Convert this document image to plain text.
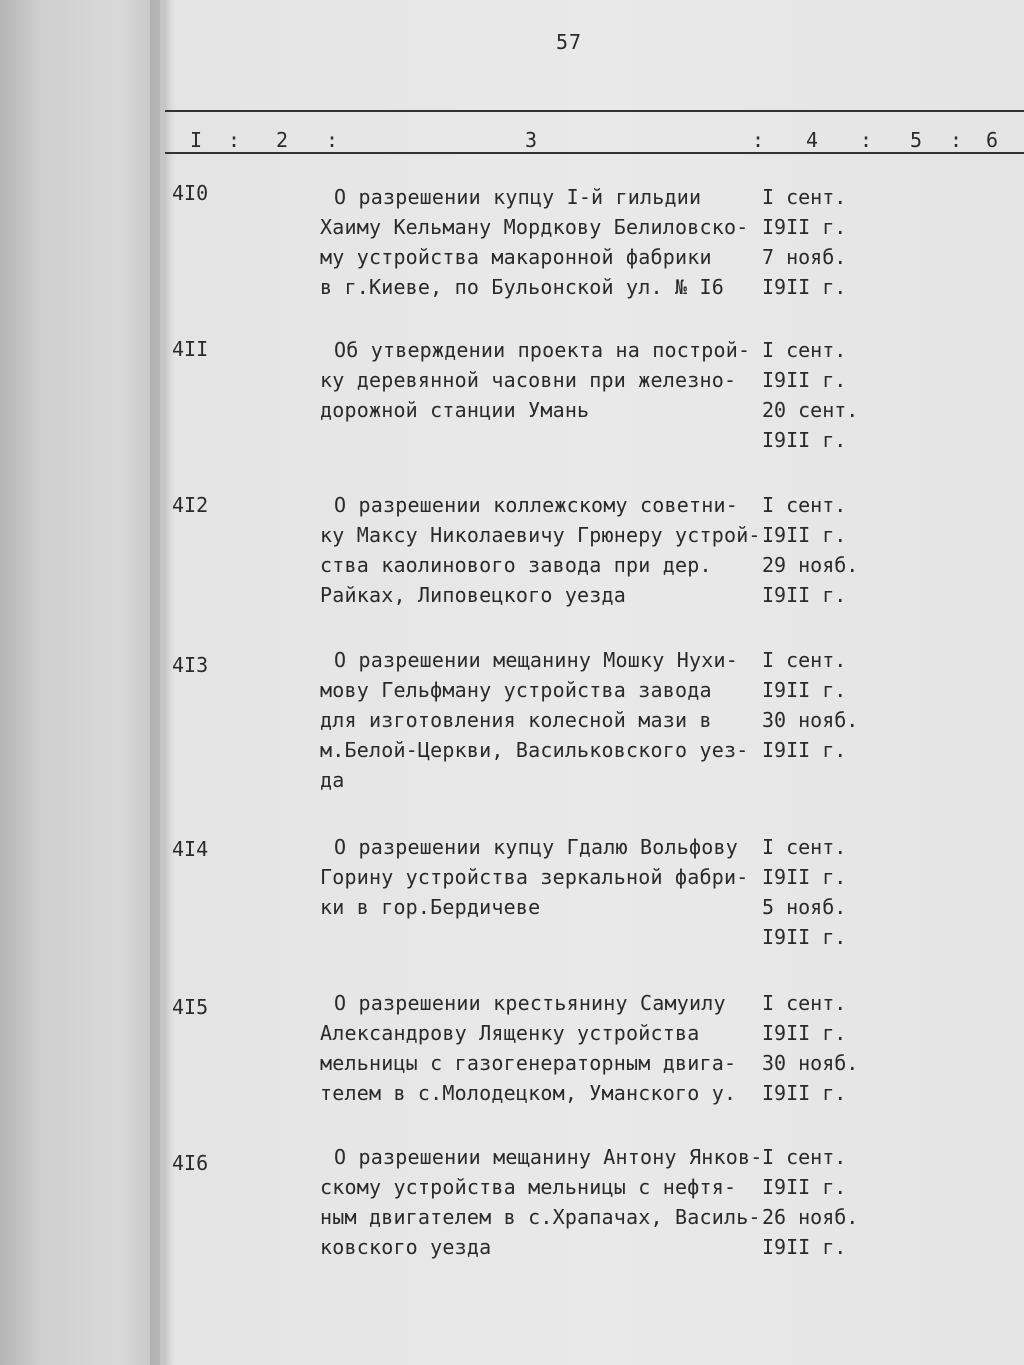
57
I : 2 :	3	: 4 : 5 : 6
4I0	О разрешении купцу I-й гильдии
Хаиму Кельману Мордкову Белиловско-
му устройства макаронной фабрики
в г.Киеве, по Бульонской ул. № I6
I сент.
I9II г.
7 нояб.
I9II г.
4II	Об утверждении проекта на построй-
ку деревянной часовни при железно-
дорожной станции Умань
I сент.
I9II г.
20 сент.
I9II г.
4I2	О разрешении коллежскому советни-
ку Максу Николаевичу Грюнеру устрой-
ства каолинового завода при дер.
Райках, Липовецкого уезда
I сент.
I9II г.
29 нояб.
I9II г.
4I3	О разрешении мещанину Мошку Нухи-
мову Гельфману устройства завода
для изготовления колесной мази в
м.Белой-Церкви, Васильковского уез-
да
I сент.
I9II г.
30 нояб.
I9II г.
4I4	О разрешении купцу Гдалю Вольфову
Горину устройства зеркальной фабри-
ки в гор.Бердичеве
I сент.
I9II г.
5 нояб.
I9II г.
4I5	О разрешении крестьянину Самуилу
Александрову Лященку устройства
мельницы с газогенераторным двига-
телем в с.Молодецком, Уманского у.
I сент.
I9II г.
30 нояб.
I9II г.
4I6	О разрешении мещанину Антону Янков-
скому устройства мельницы с нефтя-
ным двигателем в с.Храпачах, Василь-
ковского уезда
I сент.
I9II г.
26 нояб.
I9II г.
